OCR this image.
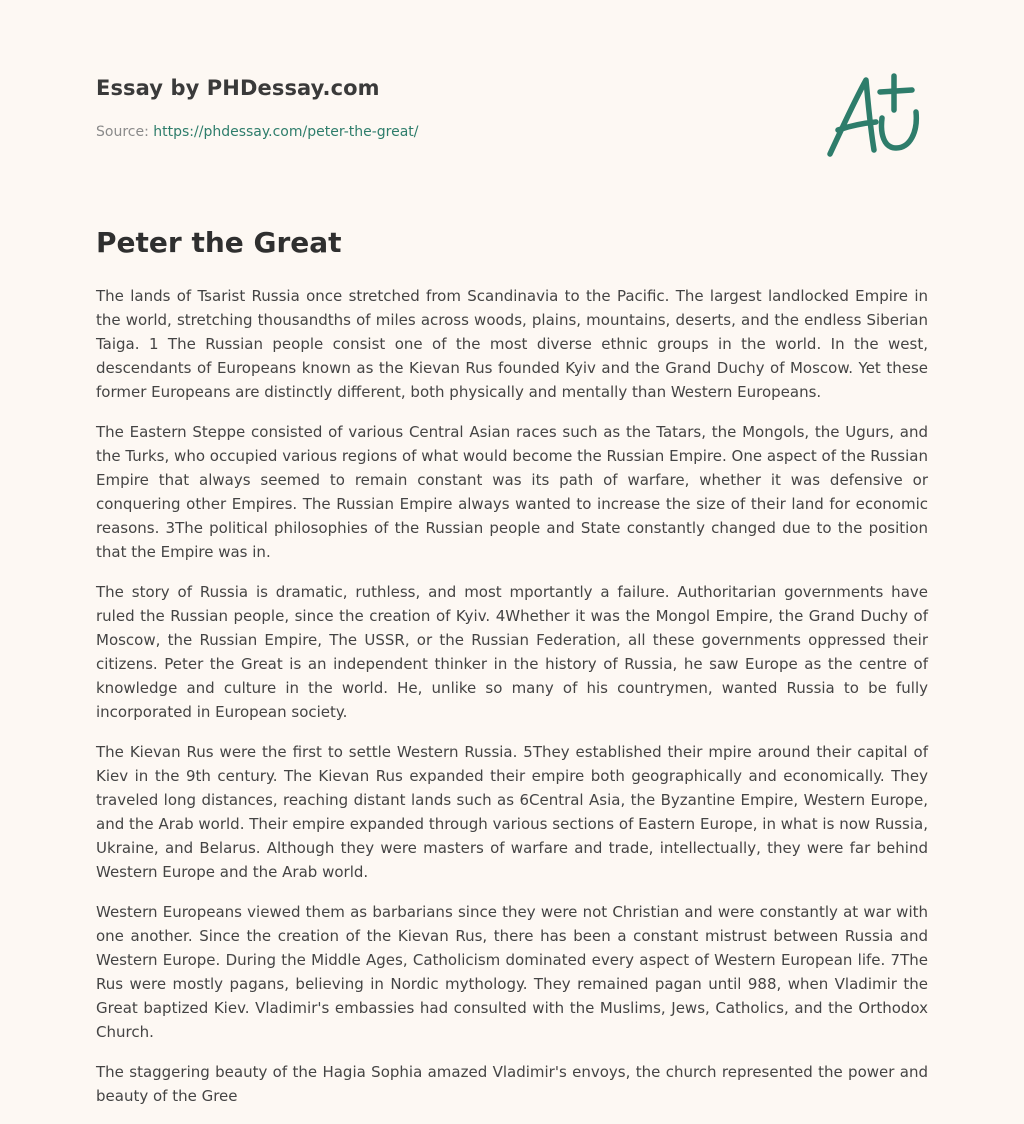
Essay by PHDessay.com
Source: https://phdessay.com/peter-the-great/
Peter the Great

The lands of Tsarist Russia once stretched from Scandinavia to the Pacific. The largest landlocked Empire in the world, stretching thousandths of miles across woods, plains, mountains, deserts, and the endless Siberian Taiga. 1 The Russian people consist one of the most diverse ethnic groups in the world. In the west, descendants of Europeans known as the Kievan Rus founded Kyiv and the Grand Duchy of Moscow. Yet these former Europeans are distinctly different, both physically and mentally than Western Europeans.

The Eastern Steppe consisted of various Central Asian races such as the Tatars, the Mongols, the Ugurs, and the Turks, who occupied various regions of what would become the Russian Empire. One aspect of the Russian Empire that always seemed to remain constant was its path of warfare, whether it was defensive or conquering other Empires. The Russian Empire always wanted to increase the size of their land for economic reasons. 3The political philosophies of the Russian people and State constantly changed due to the position that the Empire was in.

The story of Russia is dramatic, ruthless, and most mportantly a failure. Authoritarian governments have ruled the Russian people, since the creation of Kyiv. 4Whether it was the Mongol Empire, the Grand Duchy of Moscow, the Russian Empire, The USSR, or the Russian Federation, all these governments oppressed their citizens. Peter the Great is an independent thinker in the history of Russia, he saw Europe as the centre of knowledge and culture in the world. He, unlike so many of his countrymen, wanted Russia to be fully incorporated in European society.

The Kievan Rus were the first to settle Western Russia. 5They established their mpire around their capital of Kiev in the 9th century. The Kievan Rus expanded their empire both geographically and economically. They traveled long distances, reaching distant lands such as 6Central Asia, the Byzantine Empire, Western Europe, and the Arab world. Their empire expanded through various sections of Eastern Europe, in what is now Russia, Ukraine, and Belarus. Although they were masters of warfare and trade, intellectually, they were far behind Western Europe and the Arab world.

Western Europeans viewed them as barbarians since they were not Christian and were constantly at war with one another. Since the creation of the Kievan Rus, there has been a constant mistrust between Russia and Western Europe. During the Middle Ages, Catholicism dominated every aspect of Western European life. 7The Rus were mostly pagans, believing in Nordic mythology. They remained pagan until 988, when Vladimir the Great baptized Kiev. Vladimir's embassies had consulted with the Muslims, Jews, Catholics, and the Orthodox Church.

The staggering beauty of the Hagia Sophia amazed Vladimir's envoys, the church represented the power and beauty of the Gree
